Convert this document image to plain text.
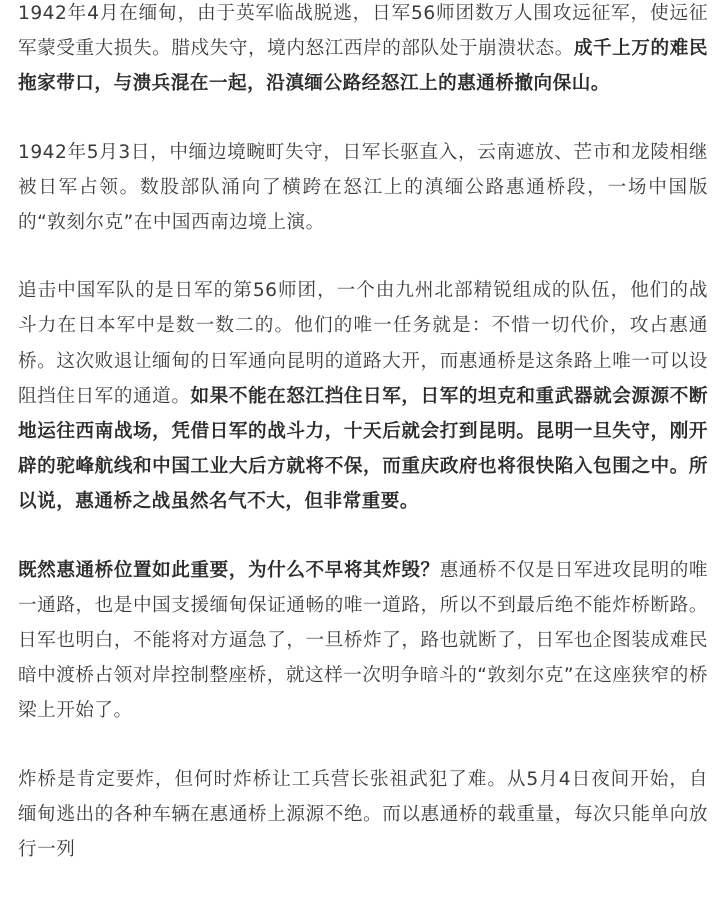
1942年4月在缅甸，由于英军临战脱逃，日军56师团数万人围攻远征军，使远征军蒙受重大损失。腊戍失守，境内怒江西岸的部队处于崩溃状态。成千上万的难民拖家带口，与溃兵混在一起，沿滇缅公路经怒江上的惠通桥撤向保山。

1942年5月3日，中缅边境畹町失守，日军长驱直入，云南遮放、芒市和龙陵相继被日军占领。数股部队涌向了横跨在怒江上的滇缅公路惠通桥段，一场中国版的“敦刻尔克”在中国西南边境上演。

追击中国军队的是日军的第56师团，一个由九州北部精锐组成的队伍，他们的战斗力在日本军中是数一数二的。他们的唯一任务就是：不惜一切代价，攻占惠通桥。这次败退让缅甸的日军通向昆明的道路大开，而惠通桥是这条路上唯一可以设阻挡住日军的通道。如果不能在怒江挡住日军，日军的坦克和重武器就会源源不断地运往西南战场，凭借日军的战斗力，十天后就会打到昆明。昆明一旦失守，刚开辟的驼峰航线和中国工业大后方就将不保，而重庆政府也将很快陷入包围之中。所以说，惠通桥之战虽然名气不大，但非常重要。

既然惠通桥位置如此重要，为什么不早将其炸毁？惠通桥不仅是日军进攻昆明的唯一通路，也是中国支援缅甸保证通畅的唯一道路，所以不到最后绝不能炸桥断路。日军也明白，不能将对方逼急了，一旦桥炸了，路也就断了，日军也企图装成难民暗中渡桥占领对岸控制整座桥，就这样一次明争暗斗的“敦刻尔克”在这座狭窄的桥梁上开始了。

炸桥是肯定要炸，但何时炸桥让工兵营长张祖武犯了难。从5月4日夜间开始，自缅甸逃出的各种车辆在惠通桥上源源不绝。而以惠通桥的载重量，每次只能单向放行一列
